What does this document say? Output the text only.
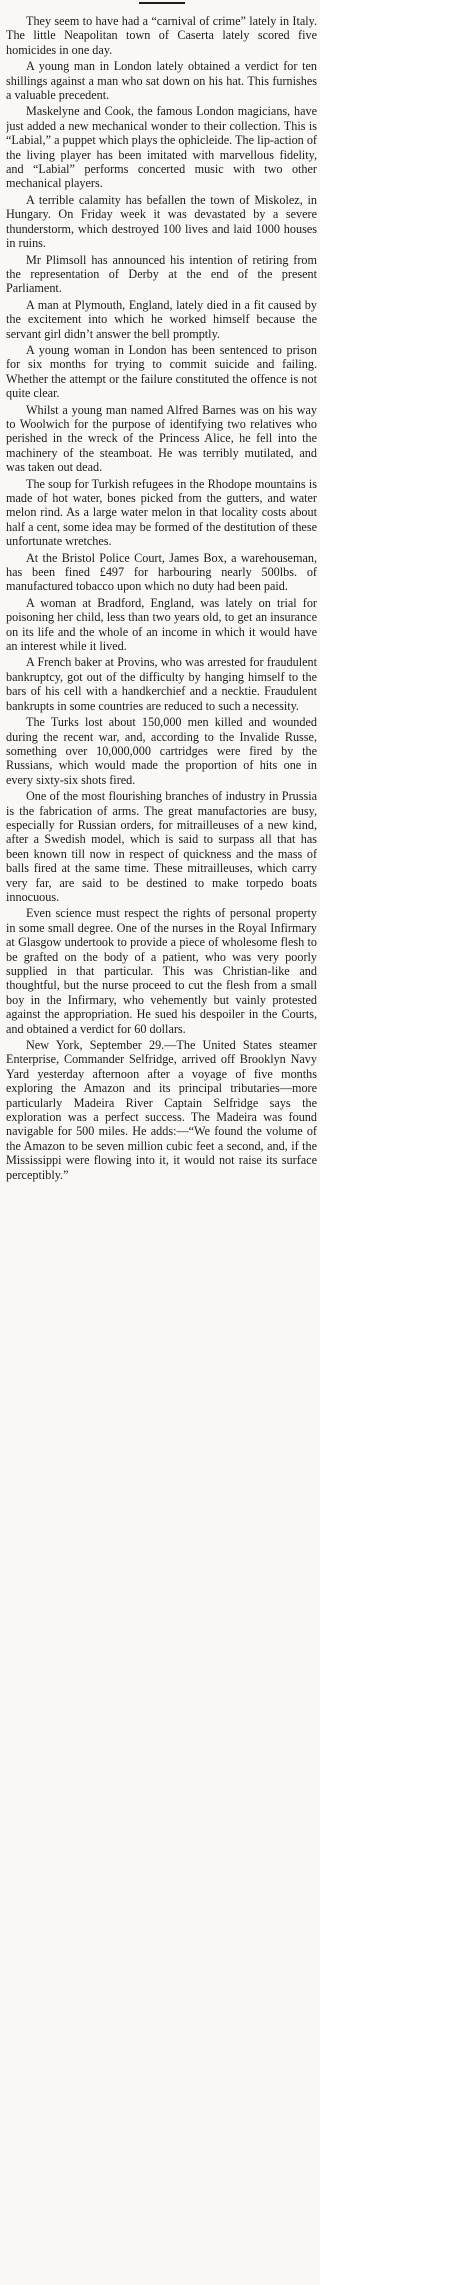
They seem to have had a “carnival of crime” lately in Italy. The little Neapolitan town of Caserta lately scored five homicides in one day.

A young man in London lately obtained a verdict for ten shillings against a man who sat down on his hat. This furnishes a valuable precedent.

Maskelyne and Cook, the famous London magicians, have just added a new mechanical wonder to their collection. This is “Labial,” a puppet which plays the ophicleide. The lip-action of the living player has been imitated with marvellous fidelity, and “Labial” performs concerted music with two other mechanical players.

A terrible calamity has befallen the town of Miskolez, in Hungary. On Friday week it was devastated by a severe thunderstorm, which destroyed 100 lives and laid 1000 houses in ruins.

Mr Plimsoll has announced his intention of retiring from the representation of Derby at the end of the present Parliament.

A man at Plymouth, England, lately died in a fit caused by the excitement into which he worked himself because the servant girl didn’t answer the bell promptly.

A young woman in London has been sentenced to prison for six months for trying to commit suicide and failing. Whether the attempt or the failure constituted the offence is not quite clear.

Whilst a young man named Alfred Barnes was on his way to Woolwich for the purpose of identifying two relatives who perished in the wreck of the Princess Alice, he fell into the machinery of the steamboat. He was terribly mutilated, and was taken out dead.

The soup for Turkish refugees in the Rhodope mountains is made of hot water, bones picked from the gutters, and water melon rind. As a large water melon in that locality costs about half a cent, some idea may be formed of the destitution of these unfortunate wretches.

At the Bristol Police Court, James Box, a warehouseman, has been fined £497 for harbouring nearly 500lbs. of manufactured tobacco upon which no duty had been paid.

A woman at Bradford, England, was lately on trial for poisoning her child, less than two years old, to get an insurance on its life and the whole of an income in which it would have an interest while it lived.

A French baker at Provins, who was arrested for fraudulent bankruptcy, got out of the difficulty by hanging himself to the bars of his cell with a handkerchief and a necktie. Fraudulent bankrupts in some countries are reduced to such a necessity.

The Turks lost about 150,000 men killed and wounded during the recent war, and, according to the Invalide Russe, something over 10,000,000 cartridges were fired by the Russians, which would made the proportion of hits one in every sixty-six shots fired.

One of the most flourishing branches of industry in Prussia is the fabrication of arms. The great manufactories are busy, especially for Russian orders, for mitrailleuses of a new kind, after a Swedish model, which is said to surpass all that has been known till now in respect of quickness and the mass of balls fired at the same time. These mitrailleuses, which carry very far, are said to be destined to make torpedo boats innocuous.

Even science must respect the rights of personal property in some small degree. One of the nurses in the Royal Infirmary at Glasgow undertook to provide a piece of wholesome flesh to be grafted on the body of a patient, who was very poorly supplied in that particular. This was Christian-like and thoughtful, but the nurse proceed to cut the flesh from a small boy in the Infirmary, who vehemently but vainly protested against the appropriation. He sued his despoiler in the Courts, and obtained a verdict for 60 dollars.

New York, September 29.—The United States steamer Enterprise, Commander Selfridge, arrived off Brooklyn Navy Yard yesterday afternoon after a voyage of five months exploring the Amazon and its principal tributaries—more particularly Madeira River Captain Selfridge says the exploration was a perfect success. The Madeira was found navigable for 500 miles. He adds:—“We found the volume of the Amazon to be seven million cubic feet a second, and, if the Mississippi were flowing into it, it would not raise its surface perceptibly.”
